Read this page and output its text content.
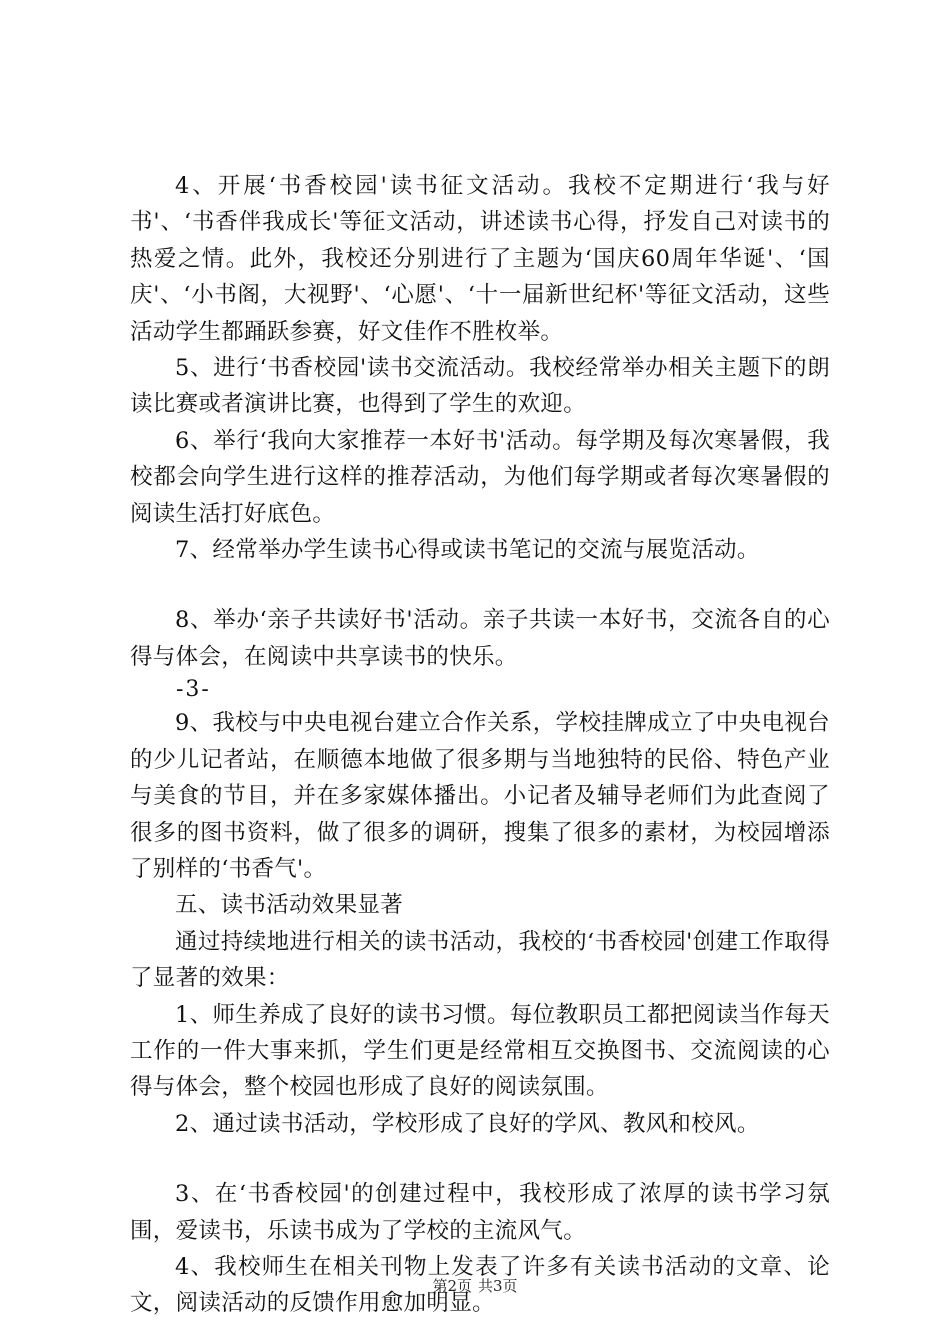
4、开展‘书香校园'读书征文活动。我校不定期进行‘我与好书'、‘书香伴我成长'等征文活动，讲述读书心得，抒发自己对读书的热爱之情。此外，我校还分别进行了主题为‘国庆60周年华诞'、‘国庆'、‘小书阁，大视野'、‘心愿'、‘十一届新世纪杯'等征文活动，这些活动学生都踊跃参赛，好文佳作不胜枚举。

5、进行‘书香校园'读书交流活动。我校经常举办相关主题下的朗读比赛或者演讲比赛，也得到了学生的欢迎。

6、举行‘我向大家推荐一本好书'活动。每学期及每次寒暑假，我校都会向学生进行这样的推荐活动，为他们每学期或者每次寒暑假的阅读生活打好底色。

7、经常举办学生读书心得或读书笔记的交流与展览活动。

8、举办‘亲子共读好书'活动。亲子共读一本好书，交流各自的心得与体会，在阅读中共享读书的快乐。

-3-

9、我校与中央电视台建立合作关系，学校挂牌成立了中央电视台的少儿记者站，在顺德本地做了很多期与当地独特的民俗、特色产业与美食的节目，并在多家媒体播出。小记者及辅导老师们为此查阅了很多的图书资料，做了很多的调研，搜集了很多的素材，为校园增添了别样的‘书香气'。

五、读书活动效果显著

通过持续地进行相关的读书活动，我校的‘书香校园'创建工作取得了显著的效果：

1、师生养成了良好的读书习惯。每位教职员工都把阅读当作每天工作的一件大事来抓，学生们更是经常相互交换图书、交流阅读的心得与体会，整个校园也形成了良好的阅读氛围。

2、通过读书活动，学校形成了良好的学风、教风和校风。

3、在‘书香校园'的创建过程中，我校形成了浓厚的读书学习氛围，爱读书，乐读书成为了学校的主流风气。

4、我校师生在相关刊物上发表了许多有关读书活动的文章、论文，阅读活动的反馈作用愈加明显。

第2页 共3页
